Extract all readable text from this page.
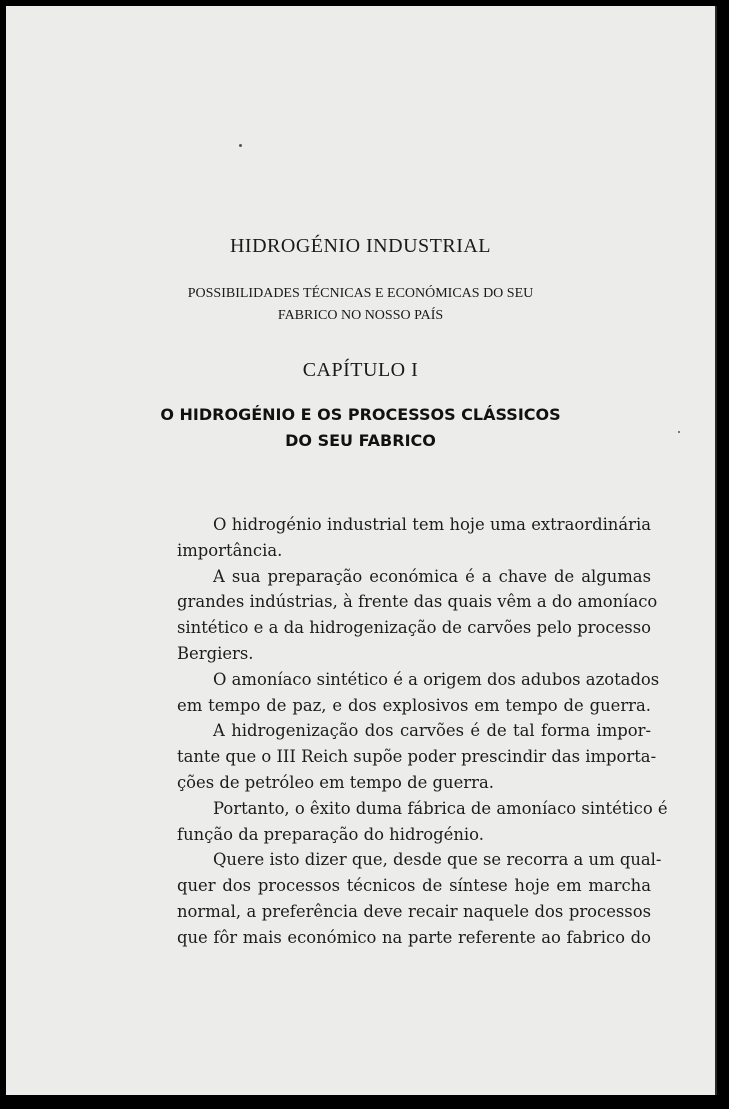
HIDROGÉNIO INDUSTRIAL
POSSIBILIDADES TÉCNICAS E ECONÓMICAS DO SEU
FABRICO NO NOSSO PAÍS
CAPÍTULO I
O HIDROGÉNIO E OS PROCESSOS CLÁSSICOS
DO SEU FABRICO
O hidrogénio industrial tem hoje uma extraordinária
importância.
A sua preparação económica é a chave de algumas
grandes indústrias, à frente das quais vêm a do amoníaco
sintético e a da hidrogenização de carvões pelo processo
Bergiers.
O amoníaco sintético é a origem dos adubos azotados
em tempo de paz, e dos explosivos em tempo de guerra.
A hidrogenização dos carvões é de tal forma impor-
tante que o III Reich supõe poder prescindir das importa-
ções de petróleo em tempo de guerra.
Portanto, o êxito duma fábrica de amoníaco sintético é
função da preparação do hidrogénio.
Quere isto dizer que, desde que se recorra a um qual-
quer dos processos técnicos de síntese hoje em marcha
normal, a preferência deve recair naquele dos processos
que fôr mais económico na parte referente ao fabrico do
